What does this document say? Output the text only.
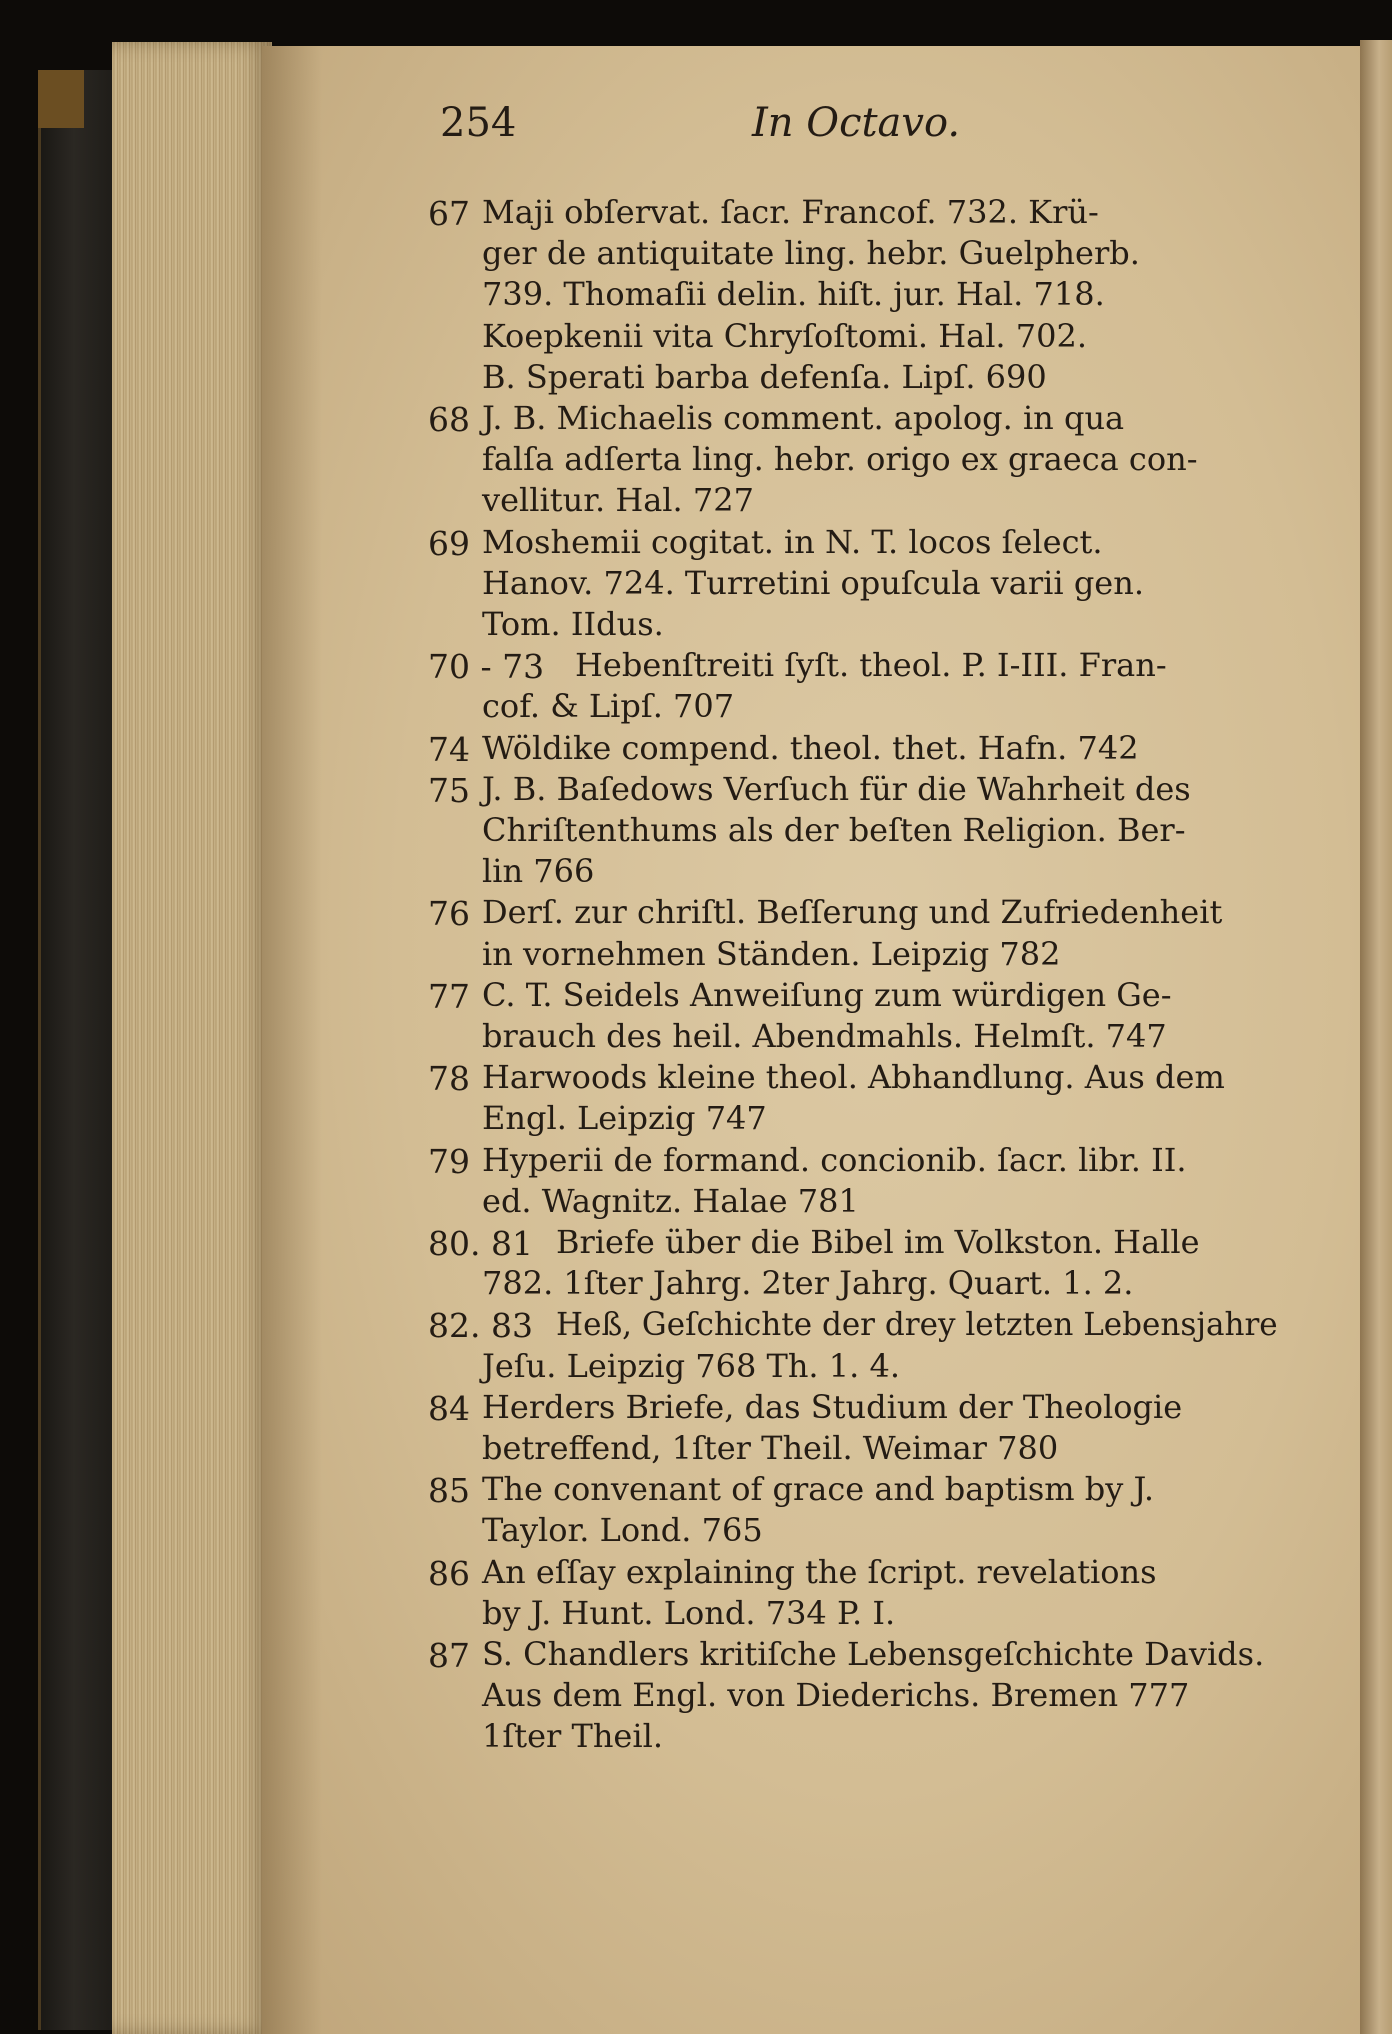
254	In Octavo.
67 Maji obſervat. ſacr. Francof. 732. Krü-
ger de antiquitate ling. hebr. Guelpherb.
739. Thomaſii delin. hiſt. jur. Hal. 718.
Koepkenii vita Chryſoſtomi. Hal. 702.
B. Sperati barba defenſa. Lipſ. 690
68 J. B. Michaelis comment. apolog. in qua
falſa adſerta ling. hebr. origo ex graeca con-
vellitur. Hal. 727
69 Moshemii cogitat. in N. T. locos ſelect.
Hanov. 724. Turretini opuſcula varii gen.
Tom. IIdus.
70 - 73 Hebenſtreiti ſyſt. theol. P. I-III. Fran-
cof. & Lipſ. 707
74 Wöldike compend. theol. thet. Hafn. 742
75 J. B. Baſedows Verſuch für die Wahrheit des
Chriſtenthums als der beſten Religion. Ber-
lin 766
76 Derſ. zur chriſtl. Beſſerung und Zufriedenheit
in vornehmen Ständen. Leipzig 782
77 C. T. Seidels Anweiſung zum würdigen Ge-
brauch des heil. Abendmahls. Helmſt. 747
78 Harwoods kleine theol. Abhandlung. Aus dem
Engl. Leipzig 747
79 Hyperii de formand. concionib. ſacr. libr. II.
ed. Wagnitz. Halae 781
80. 81 Briefe über die Bibel im Volkston. Halle
782. 1ſter Jahrg. 2ter Jahrg. Quart. 1. 2.
82. 83 Heß, Geſchichte der drey letzten Lebensjahre
Jeſu. Leipzig 768 Th. 1. 4.
84 Herders Briefe, das Studium der Theologie
betreffend, 1ſter Theil. Weimar 780
85 The convenant of grace and baptism by J.
Taylor. Lond. 765
86 An eſſay explaining the ſcript. revelations
by J. Hunt. Lond. 734 P. I.
87 S. Chandlers kritiſche Lebensgeſchichte Davids.
Aus dem Engl. von Diederichs. Bremen 777
1ſter Theil.
